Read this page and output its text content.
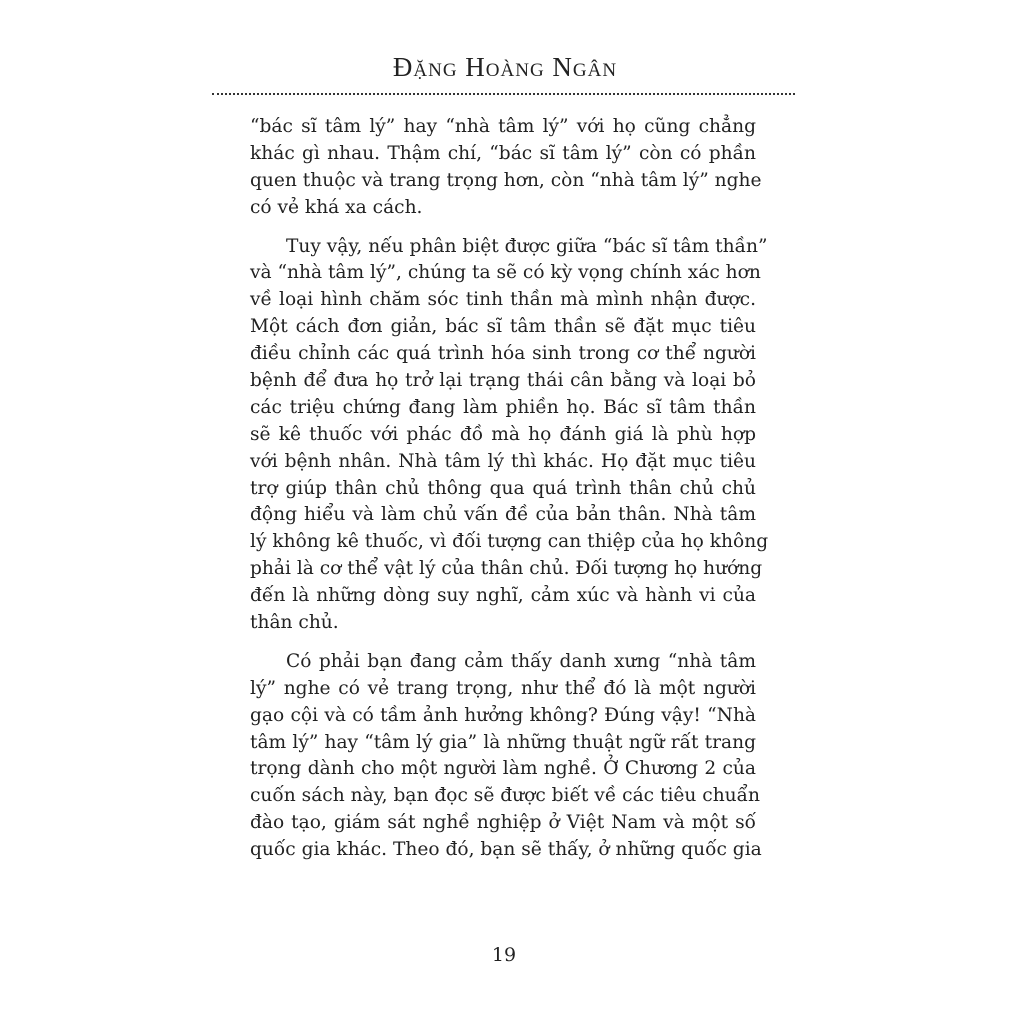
Đặng Hoàng Ngân
“bác sĩ tâm lý” hay “nhà tâm lý” với họ cũng chẳng
khác gì nhau. Thậm chí, “bác sĩ tâm lý” còn có phần
quen thuộc và trang trọng hơn, còn “nhà tâm lý” nghe
có vẻ khá xa cách.
Tuy vậy, nếu phân biệt được giữa “bác sĩ tâm thần”
và “nhà tâm lý”, chúng ta sẽ có kỳ vọng chính xác hơn
về loại hình chăm sóc tinh thần mà mình nhận được.
Một cách đơn giản, bác sĩ tâm thần sẽ đặt mục tiêu
điều chỉnh các quá trình hóa sinh trong cơ thể người
bệnh để đưa họ trở lại trạng thái cân bằng và loại bỏ
các triệu chứng đang làm phiền họ. Bác sĩ tâm thần
sẽ kê thuốc với phác đồ mà họ đánh giá là phù hợp
với bệnh nhân. Nhà tâm lý thì khác. Họ đặt mục tiêu
trợ giúp thân chủ thông qua quá trình thân chủ chủ
động hiểu và làm chủ vấn đề của bản thân. Nhà tâm
lý không kê thuốc, vì đối tượng can thiệp của họ không
phải là cơ thể vật lý của thân chủ. Đối tượng họ hướng
đến là những dòng suy nghĩ, cảm xúc và hành vi của
thân chủ.
Có phải bạn đang cảm thấy danh xưng “nhà tâm
lý” nghe có vẻ trang trọng, như thể đó là một người
gạo cội và có tầm ảnh hưởng không? Đúng vậy! “Nhà
tâm lý” hay “tâm lý gia” là những thuật ngữ rất trang
trọng dành cho một người làm nghề. Ở Chương 2 của
cuốn sách này, bạn đọc sẽ được biết về các tiêu chuẩn
đào tạo, giám sát nghề nghiệp ở Việt Nam và một số
quốc gia khác. Theo đó, bạn sẽ thấy, ở những quốc gia
19
